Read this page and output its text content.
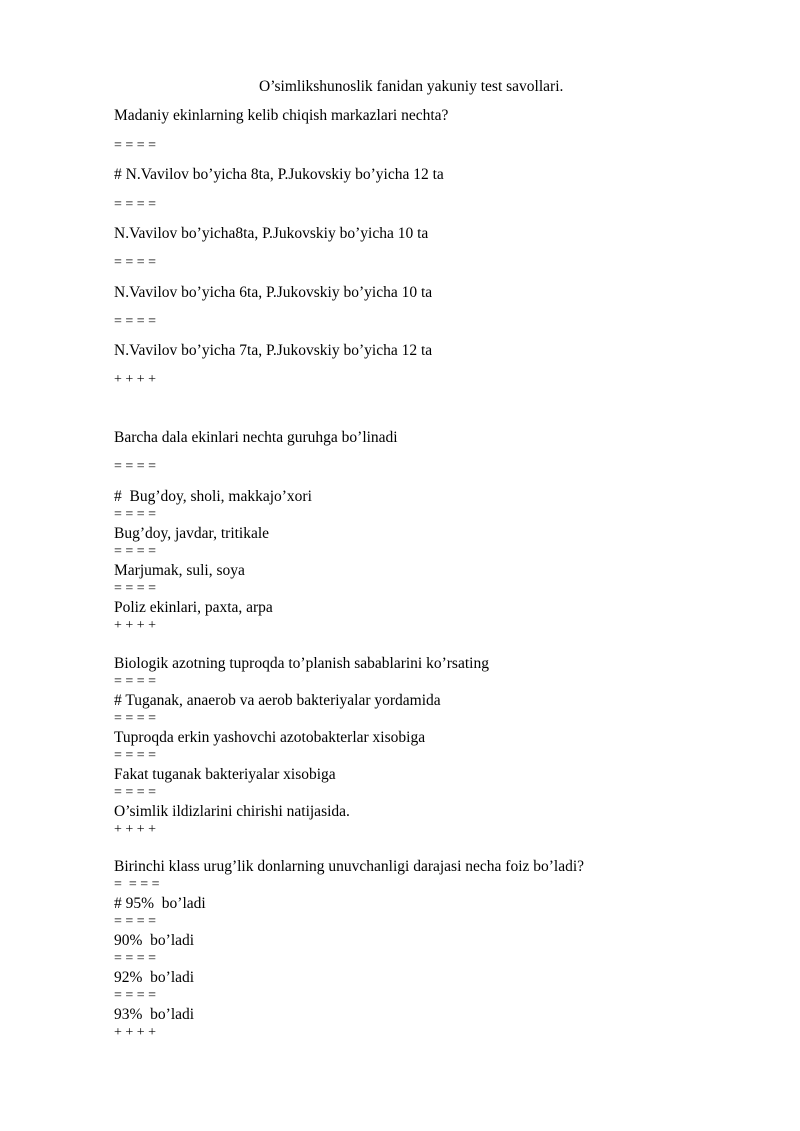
O’simlikshunoslik fanidan yakuniy test savollari.
Madaniy ekinlarning kelib chiqish markazlari nechta?
= = = =
# N.Vavilov bo’yicha 8ta, P.Jukovskiy bo’yicha 12 ta
= = = =
N.Vavilov bo’yicha8ta, P.Jukovskiy bo’yicha 10 ta
= = = =
N.Vavilov bo’yicha 6ta, P.Jukovskiy bo’yicha 10 ta
= = = =
N.Vavilov bo’yicha 7ta, P.Jukovskiy bo’yicha 12 ta
+ + + +
Barcha dala ekinlari nechta guruhga bo’linadi
= = = =
#  Bug’doy, sholi, makkajo’xori
= = = =
Bug’doy, javdar, tritikale
= = = =
Marjumak, suli, soya
= = = =
Poliz ekinlari, paxta, arpa
+ + + +
Biologik azotning tuproqda to’planish sabablarini ko’rsating
= = = =
# Tuganak, anaerob va aerob bakteriyalar yordamida
= = = =
Tuproqda erkin yashovchi azotobakterlar xisobiga
= = = =
Fakat tuganak bakteriyalar xisobiga
= = = =
O’simlik ildizlarini chirishi natijasida.
+ + + +
Birinchi klass urug’lik donlarning unuvchanligi darajasi necha foiz bo’ladi?
=  = = =
# 95%  bo’ladi
= = = =
90%  bo’ladi
= = = =
92%  bo’ladi
= = = =
93%  bo’ladi
+ + + +
